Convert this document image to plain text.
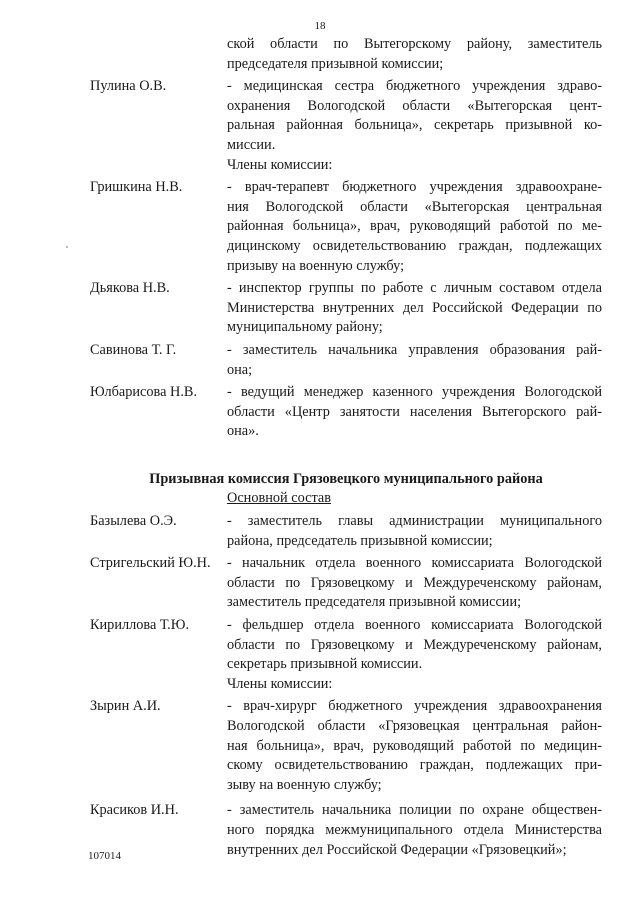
18
ской области по Вытегорскому району, заместитель
председателя призывной комиссии;
Пулина О.В.	- медицинская сестра бюджетного учреждения здраво-
охранения Вологодской области «Вытегорская цент-
ральная районная больница», секретарь призывной ко-
миссии.
Члены комиссии:
Гришкина Н.В.	- врач-терапевт бюджетного учреждения здравоохране-
ния Вологодской области «Вытегорская центральная
районная больница», врач, руководящий работой по ме-
дицинскому освидетельствованию граждан, подлежащих
призыву на военную службу;
Дьякова Н.В.	- инспектор группы по работе с личным составом отдела
Министерства внутренних дел Российской Федерации по
муниципальному району;
Савинова Т. Г.	- заместитель начальника управления образования рай-
она;
Юлбарисова Н.В.	- ведущий менеджер казенного учреждения Вологодской
области «Центр занятости населения Вытегорского рай-
она».
Призывная комиссия Грязовецкого муниципального района
Основной состав
Базылева О.Э.	- заместитель главы администрации муниципального
района, председатель призывной комиссии;
Стригельский Ю.Н.	- начальник отдела военного комиссариата Вологодской
области по Грязовецкому и Междуреченскому районам,
заместитель председателя призывной комиссии;
Кириллова Т.Ю.	- фельдшер отдела военного комиссариата Вологодской
области по Грязовецкому и Междуреченскому районам,
секретарь призывной комиссии.
Члены комиссии:
Зырин А.И.	- врач-хирург бюджетного учреждения здравоохранения
Вологодской области «Грязовецкая центральная район-
ная больница», врач, руководящий работой по медицин-
скому освидетельствованию граждан, подлежащих при-
зыву на военную службу;
Красиков И.Н.	- заместитель начальника полиции по охране обществен-
ного порядка межмуниципального отдела Министерства
внутренних дел Российской Федерации «Грязовецкий»;
107014
